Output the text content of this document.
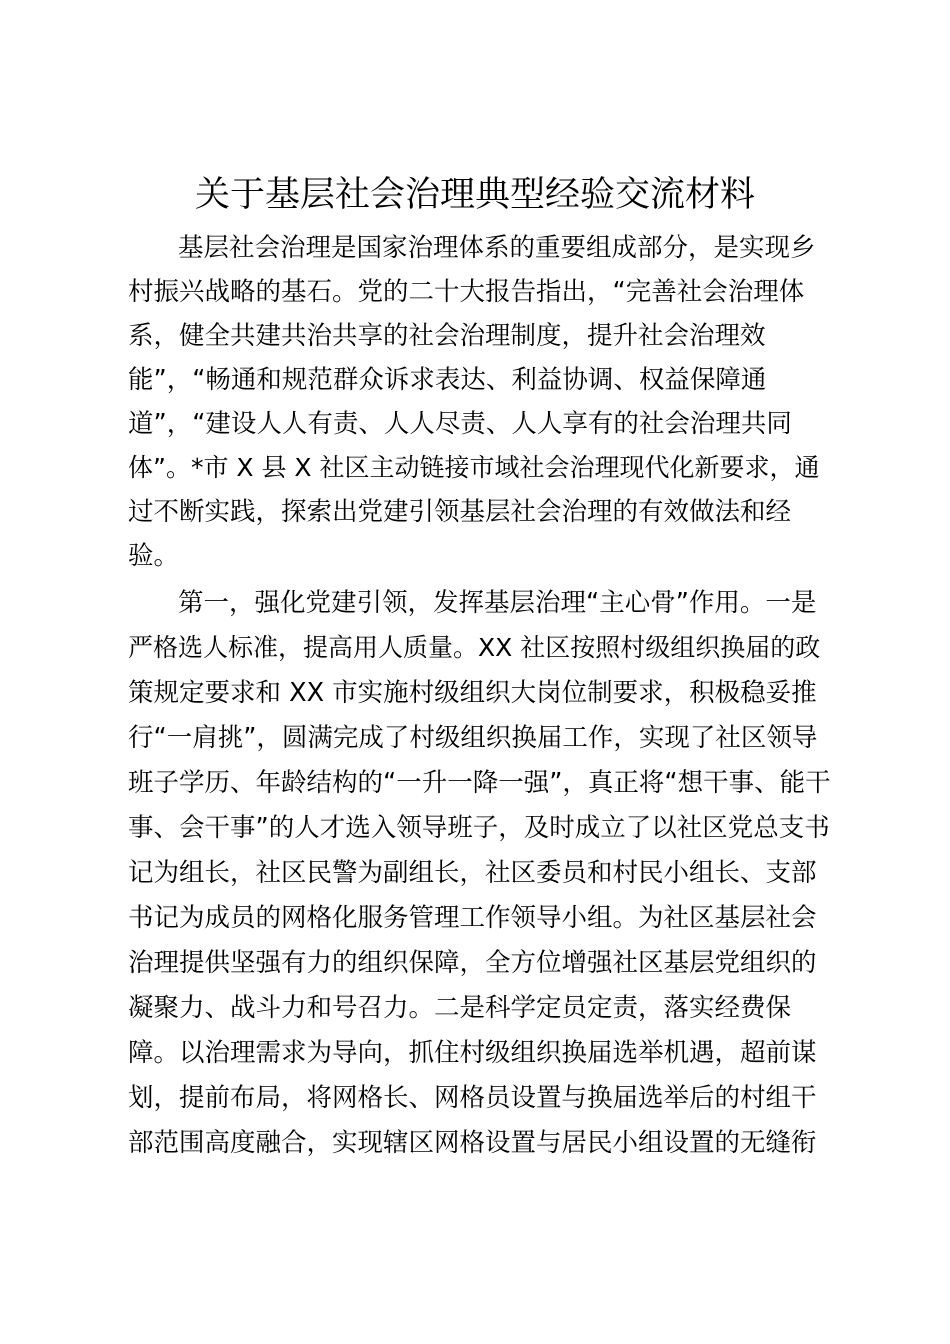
关于基层社会治理典型经验交流材料
基层社会治理是国家治理体系的重要组成部分，是实现乡
村振兴战略的基石。党的二十大报告指出，“完善社会治理体
系，健全共建共治共享的社会治理制度，提升社会治理效
能”，“畅通和规范群众诉求表达、利益协调、权益保障通
道”，“建设人人有责、人人尽责、人人享有的社会治理共同
体”。*市 X 县 X 社区主动链接市域社会治理现代化新要求，通
过不断实践，探索出党建引领基层社会治理的有效做法和经
验。
第一，强化党建引领，发挥基层治理“主心骨”作用。一是
严格选人标准，提高用人质量。XX 社区按照村级组织换届的政
策规定要求和 XX 市实施村级组织大岗位制要求，积极稳妥推
行“一肩挑”，圆满完成了村级组织换届工作，实现了社区领导
班子学历、年龄结构的“一升一降一强”，真正将“想干事、能干
事、会干事”的人才选入领导班子，及时成立了以社区党总支书
记为组长，社区民警为副组长，社区委员和村民小组长、支部
书记为成员的网格化服务管理工作领导小组。为社区基层社会
治理提供坚强有力的组织保障，全方位增强社区基层党组织的
凝聚力、战斗力和号召力。二是科学定员定责，落实经费保
障。以治理需求为导向，抓住村级组织换届选举机遇，超前谋
划，提前布局，将网格长、网格员设置与换届选举后的村组干
部范围高度融合，实现辖区网格设置与居民小组设置的无缝衔
